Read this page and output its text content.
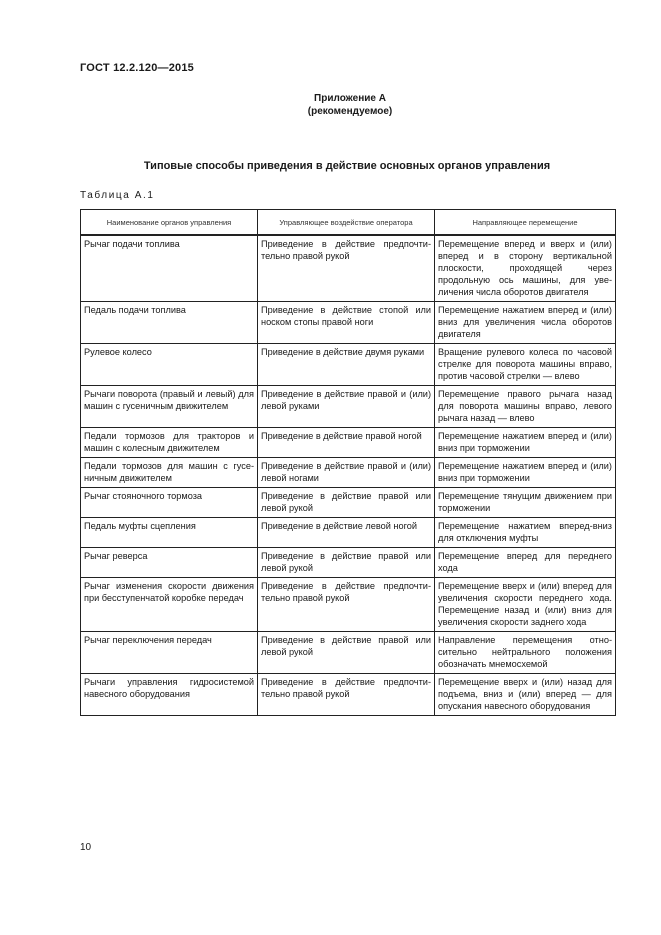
ГОСТ 12.2.120—2015
Приложение А
(рекомендуемое)
Типовые способы приведения в действие основных органов управления
Таблица А.1
Наименование органов управления	Управляющее воздействие оператора	Направляющее перемещение
Рычаг подачи топлива	Приведение в действие предпочтительно правой рукой	Перемещение вперед и вверх и (или) вперед и в сторону вертикальной плоскости, проходящей через продольную ось машины, для увеличения числа оборотов двигателя
Педаль подачи топлива	Приведение в действие стопой или носком стопы правой ноги	Перемещение нажатием вперед и (или) вниз для увеличения числа оборотов двигателя
Рулевое колесо	Приведение в действие двумя руками	Вращение рулевого колеса по часовой стрелке для поворота машины вправо, против часовой стрелки — влево
Рычаги поворота (правый и левый) для машин с гусеничным движителем	Приведение в действие правой и (или) левой руками	Перемещение правого рычага назад для поворота машины вправо, левого рычага назад — влево
Педали тормозов для тракторов и машин с колесным движителем	Приведение в действие правой ногой	Перемещение нажатием вперед и (или) вниз при торможении
Педали тормозов для машин с гусеничным движителем	Приведение в действие правой и (или) левой ногами	Перемещение нажатием вперед и (или) вниз при торможении
Рычаг стояночного тормоза	Приведение в действие правой или левой рукой	Перемещение тянущим движением при торможении
Педаль муфты сцепления	Приведение в действие левой ногой	Перемещение нажатием вперед-вниз для отключения муфты
Рычаг реверса	Приведение в действие правой или левой рукой	Перемещение вперед для переднего хода
Рычаг изменения скорости движения при бесступенчатой коробке передач	Приведение в действие предпочтительно правой рукой	Перемещение вверх и (или) вперед для увеличения скорости переднего хода. Перемещение назад и (или) вниз для увеличения скорости заднего хода
Рычаг переключения передач	Приведение в действие правой или левой рукой	Направление перемещения относительно нейтрального положения обозначать мнемосхемой
Рычаги управления гидросистемой навесного оборудования	Приведение в действие предпочтительно правой рукой	Перемещение вверх и (или) назад для подъема, вниз и (или) вперед — для опускания навесного оборудования
10
